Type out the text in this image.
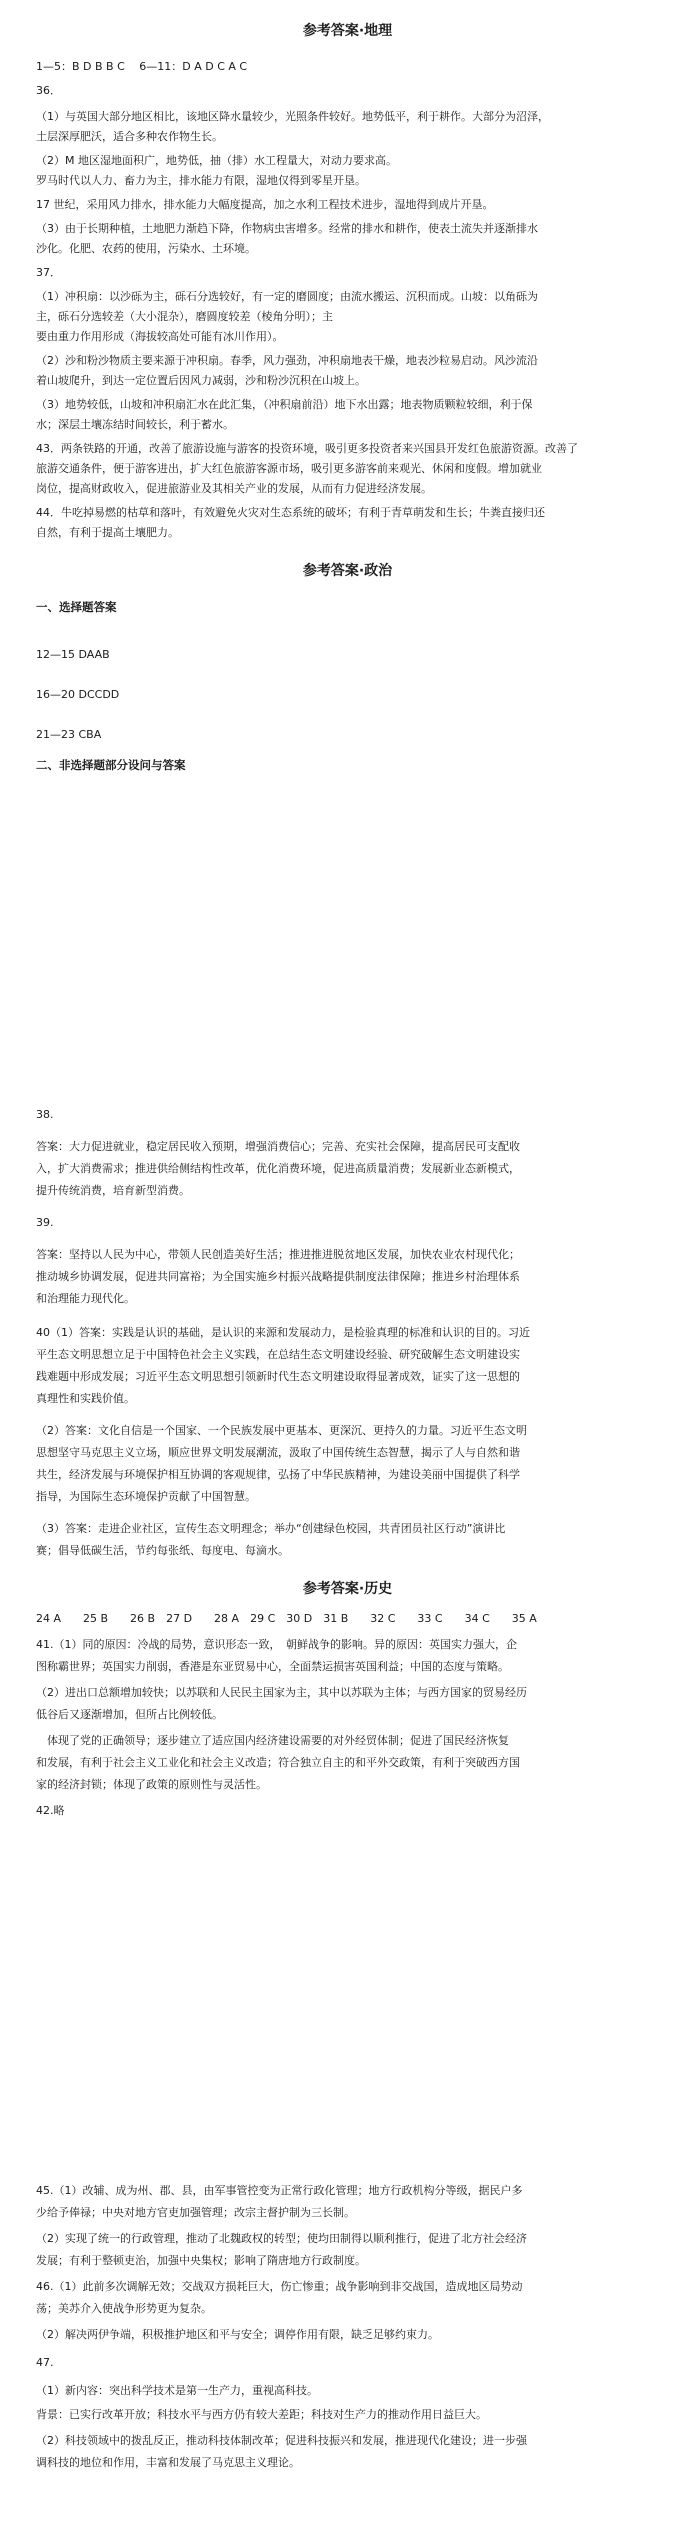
参考答案·地理
1—5：B D B B C 　6—11：D A D C A C
36．
（1）与英国大部分地区相比，该地区降水量较少，光照条件较好。地势低平，利于耕作。大部分为沼泽，
土层深厚肥沃，适合多种农作物生长。
（2）M 地区湿地面积广，地势低，抽（排）水工程量大，对动力要求高。
罗马时代以人力、畜力为主，排水能力有限，湿地仅得到零星开垦。
17 世纪，采用风力排水，排水能力大幅度提高，加之水利工程技术进步，湿地得到成片开垦。
（3）由于长期种植，土地肥力渐趋下降，作物病虫害增多。经常的排水和耕作，使表土流失并逐渐排水
沙化。化肥、农药的使用，污染水、土环境。
37．
（1）冲积扇：以沙砾为主，砾石分选较好，有一定的磨圆度；由流水搬运、沉积而成。山坡：以角砾为
主，砾石分选较差（大小混杂），磨圆度较差（棱角分明）；主
要由重力作用形成（海拔较高处可能有冰川作用）。
（2）沙和粉沙物质主要来源于冲积扇。春季，风力强劲，冲积扇地表干燥，地表沙粒易启动。风沙流沿
着山坡爬升，到达一定位置后因风力减弱，沙和粉沙沉积在山坡上。
（3）地势较低，山坡和冲积扇汇水在此汇集，（冲积扇前沿）地下水出露；地表物质颗粒较细，利于保
水；深层土壤冻结时间较长，利于蓄水。
43．两条铁路的开通，改善了旅游设施与游客的投资环境，吸引更多投资者来兴国县开发红色旅游资源。改善了
旅游交通条件，便于游客进出，扩大红色旅游客源市场，吸引更多游客前来观光、休闲和度假。增加就业
岗位，提高财政收入，促进旅游业及其相关产业的发展，从而有力促进经济发展。
44．牛吃掉易燃的枯草和落叶，有效避免火灾对生态系统的破坏；有利于青草萌发和生长；牛粪直接归还
自然，有利于提高土壤肥力。
参考答案·政治
一、选择题答案
12—15 DAAB
16—20 DCCDD
21—23 CBA
二、非选择题部分设问与答案
38.
答案：大力促进就业，稳定居民收入预期，增强消费信心；完善、充实社会保障，提高居民可支配收
入，扩大消费需求；推进供给侧结构性改革，优化消费环境，促进高质量消费；发展新业态新模式，
提升传统消费，培育新型消费。
39.
答案：坚持以人民为中心，带领人民创造美好生活；推进推进脱贫地区发展，加快农业农村现代化；
推动城乡协调发展，促进共同富裕；为全国实施乡村振兴战略提供制度法律保障；推进乡村治理体系
和治理能力现代化。
40（1）答案：实践是认识的基础，是认识的来源和发展动力，是检验真理的标准和认识的目的。习近
平生态文明思想立足于中国特色社会主义实践，在总结生态文明建设经验、研究破解生态文明建设实
践难题中形成发展；习近平生态文明思想引领新时代生态文明建设取得显著成效，证实了这一思想的
真理性和实践价值。
（2）答案：文化自信是一个国家、一个民族发展中更基本、更深沉、更持久的力量。习近平生态文明
思想坚守马克思主义立场，顺应世界文明发展潮流，汲取了中国传统生态智慧，揭示了人与自然和谐
共生，经济发展与环境保护相互协调的客观规律，弘扬了中华民族精神，为建设美丽中国提供了科学
指导，为国际生态环境保护贡献了中国智慧。
（3）答案：走进企业社区，宣传生态文明理念；举办“创建绿色校园，共青团员社区行动”演讲比
赛；倡导低碳生活，节约每张纸、每度电、每滴水。
参考答案·历史
24 A　　25 B　　26 B　27 D　　28 A　29 C　30 D　31 B　　32 C　　33 C　　34 C　　35 A
41.（1）同的原因：冷战的局势，意识形态一致，　朝鲜战争的影响。异的原因：英国实力强大，企
图称霸世界；英国实力削弱，香港是东亚贸易中心，全面禁运损害英国利益；中国的态度与策略。
（2）进出口总额增加较快；以苏联和人民民主国家为主，其中以苏联为主体；与西方国家的贸易经历
低谷后又逐渐增加，但所占比例较低。
　体现了党的正确领导；逐步建立了适应国内经济建设需要的对外经贸体制；促进了国民经济恢复
和发展，有利于社会主义工业化和社会主义改造；符合独立自主的和平外交政策，有利于突破西方国
家的经济封锁；体现了政策的原则性与灵活性。
42.略
45.（1）改辅、成为州、郡、县，由军事管控变为正常行政化管理；地方行政机构分等级，据民户多
少给予俸禄；中央对地方官吏加强管理；改宗主督护制为三长制。
（2）实现了统一的行政管理，推动了北魏政权的转型；使均田制得以顺利推行，促进了北方社会经济
发展；有利于整顿吏治，加强中央集权；影响了隋唐地方行政制度。
46.（1）此前多次调解无效；交战双方损耗巨大，伤亡惨重；战争影响到非交战国，造成地区局势动
荡；美苏介入使战争形势更为复杂。
（2）解决两伊争端，积极推护地区和平与安全；调停作用有限，缺乏足够约束力。
47.
（1）新内容：突出科学技术是第一生产力，重视高科技。
背景：已实行改革开放；科技水平与西方仍有较大差距；科技对生产力的推动作用日益巨大。
（2）科技领域中的拨乱反正，推动科技体制改革；促进科技振兴和发展，推进现代化建设；进一步强
调科技的地位和作用，丰富和发展了马克思主义理论。
